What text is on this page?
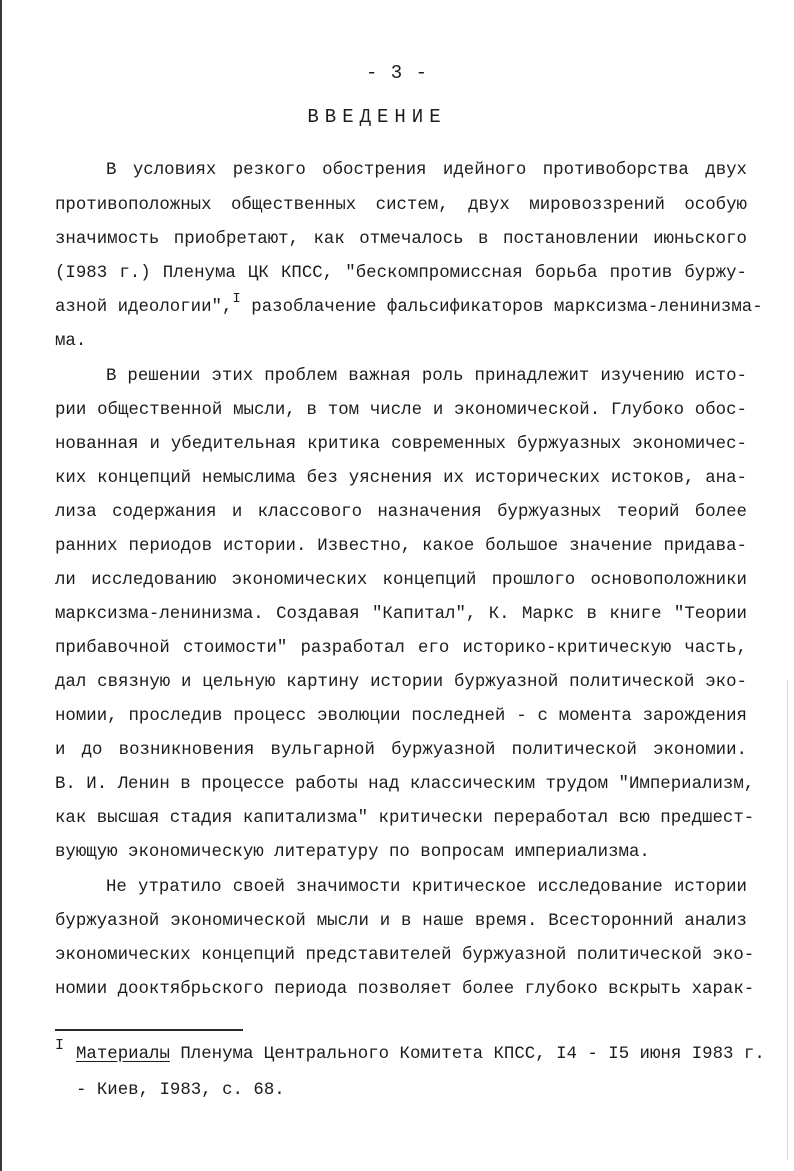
- 3 -
ВВЕДЕНИЕ
В условиях резкого обострения идейного противоборства двух
противоположных общественных систем, двух мировоззрений особую
значимость приобретают, как отмечалось в постановлении июньского
(I983 г.) Пленума ЦК КПСС, "бескомпромиссная борьба против буржу-
азной идеологии",$^I$ разоблачение фальсификаторов марксизма-ленинизма-
ма.
В решении этих проблем важная роль принадлежит изучению исто-
рии общественной мысли, в том числе и экономической. Глубоко обос-
нованная и убедительная критика современных буржуазных экономичес-
ких концепций немыслима без уяснения их исторических истоков, ана-
лиза содержания и классового назначения буржуазных теорий более
ранних периодов истории. Известно, какое большое значение придава-
ли исследованию экономических концепций прошлого основоположники
марксизма-ленинизма. Создавая "Капитал", К. Маркс в книге "Теории
прибавочной стоимости" разработал его историко-критическую часть,
дал связную и цельную картину истории буржуазной политической эко-
номии, проследив процесс эволюции последней - с момента зарождения
и до возникновения вульгарной буржуазной политической экономии.
В. И. Ленин в процессе работы над классическим трудом "Империализм,
как высшая стадия капитализма" критически переработал всю предшест-
вующую экономическую литературу по вопросам империализма.
Не утратило своей значимости критическое исследование истории
буржуазной экономической мысли и в наше время. Всесторонний анализ
экономических концепций представителей буржуазной политической эко-
номии дооктябрьского периода позволяет более глубоко вскрыть харак-
I Материалы Пленума Центрального Комитета КПСС, I4 - I5 июня I983 г.
- Киев, I983, с. 68.
